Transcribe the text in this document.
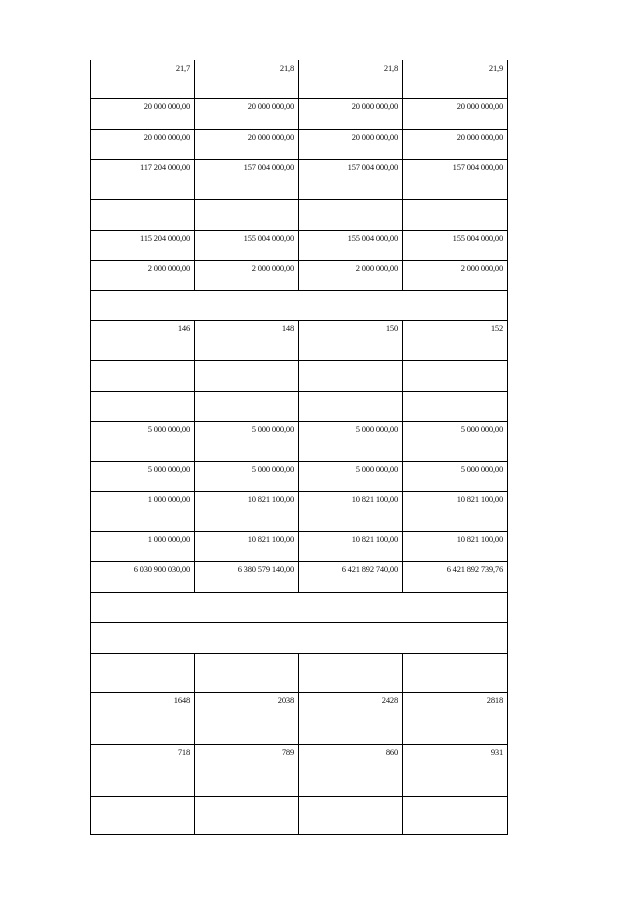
21,7	21,8	21,8	21,9
20 000 000,00	20 000 000,00	20 000 000,00	20 000 000,00
20 000 000,00	20 000 000,00	20 000 000,00	20 000 000,00
117 204 000,00	157 004 000,00	157 004 000,00	157 004 000,00

115 204 000,00	155 004 000,00	155 004 000,00	155 004 000,00
2 000 000,00	2 000 000,00	2 000 000,00	2 000 000,00

146	148	150	152

5 000 000,00	5 000 000,00	5 000 000,00	5 000 000,00
5 000 000,00	5 000 000,00	5 000 000,00	5 000 000,00
1 000 000,00	10 821 100,00	10 821 100,00	10 821 100,00
1 000 000,00	10 821 100,00	10 821 100,00	10 821 100,00
6 030 900 030,00	6 380 579 140,00	6 421 892 740,00	6 421 892 739,76

1648	2038	2428	2818
718	789	860	931
